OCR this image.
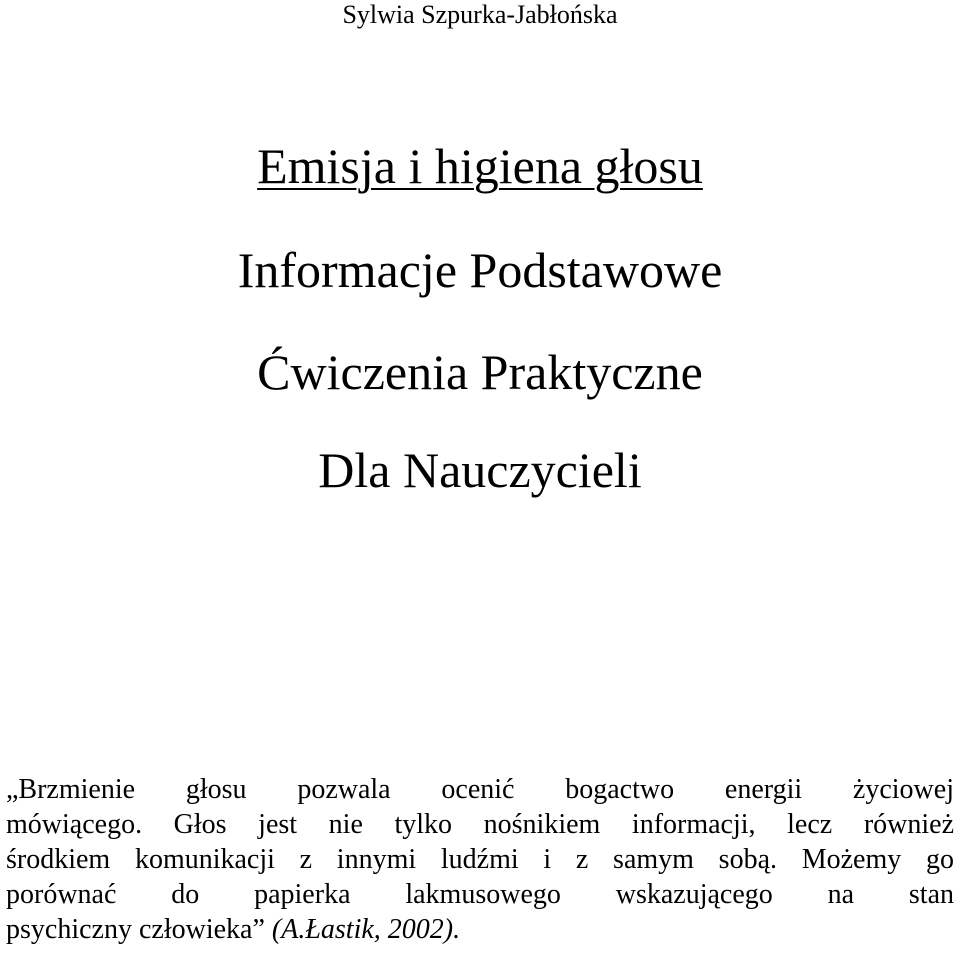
Sylwia Szpurka-Jabłońska
Emisja i higiena głosu
Informacje Podstawowe
Ćwiczenia Praktyczne
Dla Nauczycieli
„Brzmienie głosu pozwala ocenić bogactwo energii życiowej
mówiącego. Głos jest nie tylko nośnikiem informacji, lecz również
środkiem komunikacji z innymi ludźmi i z samym sobą. Możemy go
porównać do papierka lakmusowego wskazującego na stan
psychiczny człowieka” (A.Łastik, 2002).
